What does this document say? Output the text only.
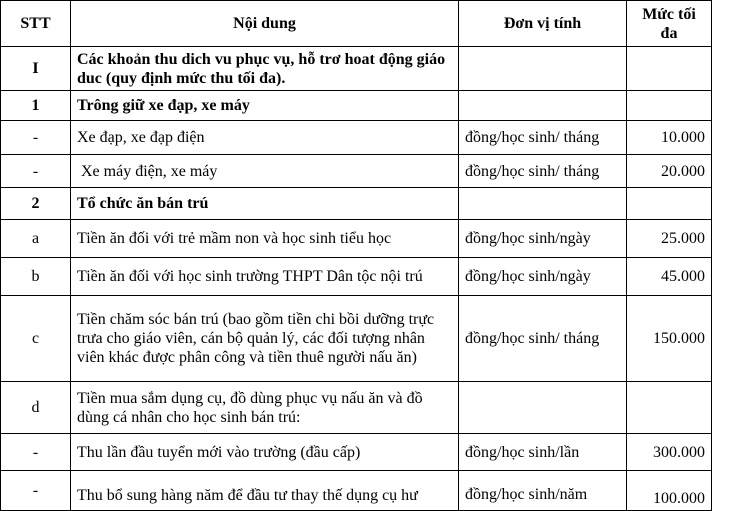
STT	Nội dung	Đơn vị tính	Mức tối đa
I	Các khoản thu dich vu phục vụ, hỗ trơ hoat động giáo duc (quy định mức thu tối đa).		
1	Trông giữ xe đạp, xe máy		
-	Xe đạp, xe đạp điện	đồng/học sinh/ tháng	10.000
-	Xe máy điện, xe máy	đồng/học sinh/ tháng	20.000
2	Tổ chức ăn bán trú		
a	Tiền ăn đối với trẻ mầm non và học sinh tiểu học	đồng/học sinh/ngày	25.000
b	Tiền ăn đối với học sinh trường THPT Dân tộc nội trú	đồng/học sinh/ngày	45.000
c	Tiền chăm sóc bán trú (bao gồm tiền chi bồi dưỡng trực trưa cho giáo viên, cán bộ quản lý, các đối tượng nhân viên khác được phân công và tiền thuê người nấu ăn)	đồng/học sinh/ tháng	150.000
d	Tiền mua sắm dụng cụ, đồ dùng phục vụ nấu ăn và đồ dùng cá nhân cho học sinh bán trú:		
-	Thu lần đầu tuyển mới vào trường (đầu cấp)	đồng/học sinh/lần	300.000
-	Thu bổ sung hàng năm để đầu tư thay thế dụng cụ hư	đồng/học sinh/năm	100.000
